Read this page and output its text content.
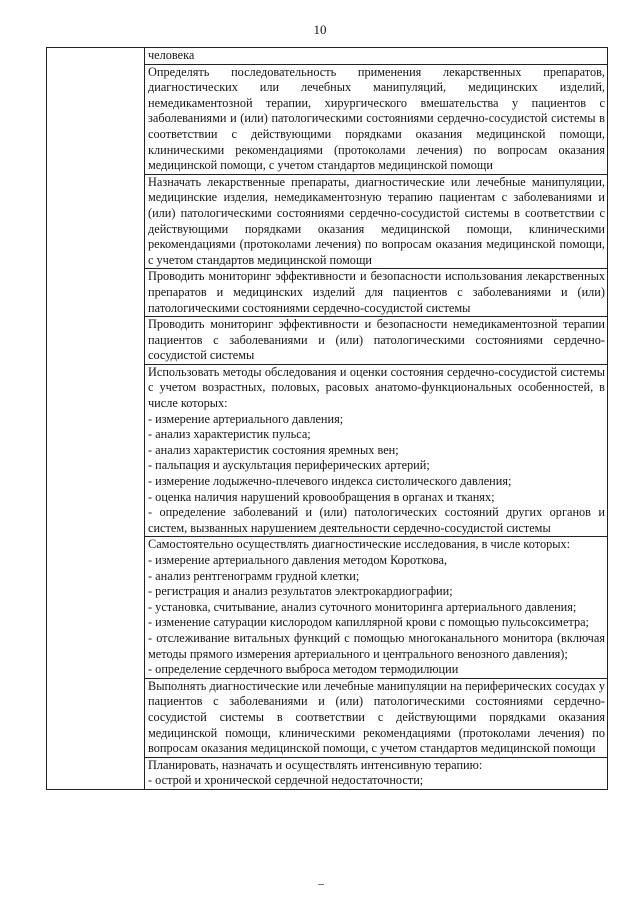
10

человека

Определять последовательность применения лекарственных препаратов, диагностических или лечебных манипуляций, медицинских изделий, немедикаментозной терапии, хирургического вмешательства у пациентов с заболеваниями и (или) патологическими состояниями сердечно-сосудистой системы в соответствии с действующими порядками оказания медицинской помощи, клиническими рекомендациями (протоколами лечения) по вопросам оказания медицинской помощи, с учетом стандартов медицинской помощи

Назначать лекарственные препараты, диагностические или лечебные манипуляции, медицинские изделия, немедикаментозную терапию пациентам с заболеваниями и (или) патологическими состояниями сердечно-сосудистой системы в соответствии с действующими порядками оказания медицинской помощи, клиническими рекомендациями (протоколами лечения) по вопросам оказания медицинской помощи, с учетом стандартов медицинской помощи

Проводить мониторинг эффективности и безопасности использования лекарственных препаратов и медицинских изделий для пациентов с заболеваниями и (или) патологическими состояниями сердечно-сосудистой системы

Проводить мониторинг эффективности и безопасности немедикаментозной терапии пациентов с заболеваниями и (или) патологическими состояниями сердечно-сосудистой системы

Использовать методы обследования и оценки состояния сердечно-сосудистой системы с учетом возрастных, половых, расовых анатомо-функциональных особенностей, в числе которых:
- измерение артериального давления;
- анализ характеристик пульса;
- анализ характеристик состояния яремных вен;
- пальпация и аускультация периферических артерий;
- измерение лодыжечно-плечевого индекса систолического давления;
- оценка наличия нарушений кровообращения в органах и тканях;
- определение заболеваний и (или) патологических состояний других органов и систем, вызванных нарушением деятельности сердечно-сосудистой системы

Самостоятельно осуществлять диагностические исследования, в числе которых:
- измерение артериального давления методом Короткова,
- анализ рентгенограмм грудной клетки;
- регистрация и анализ результатов электрокардиографии;
- установка, считывание, анализ суточного мониторинга артериального давления;
- изменение сатурации кислородом капиллярной крови с помощью пульсоксиметра;
- отслеживание витальных функций с помощью многоканального монитора (включая методы прямого измерения артериального и центрального венозного давления);
- определение сердечного выброса методом термодилюции

Выполнять диагностические или лечебные манипуляции на периферических сосудах у пациентов с заболеваниями и (или) патологическими состояниями сердечно-сосудистой системы в соответствии с действующими порядками оказания медицинской помощи, клиническими рекомендациями (протоколами лечения) по вопросам оказания медицинской помощи, с учетом стандартов медицинской помощи

Планировать, назначать и осуществлять интенсивную терапию:
- острой и хронической сердечной недостаточности;
